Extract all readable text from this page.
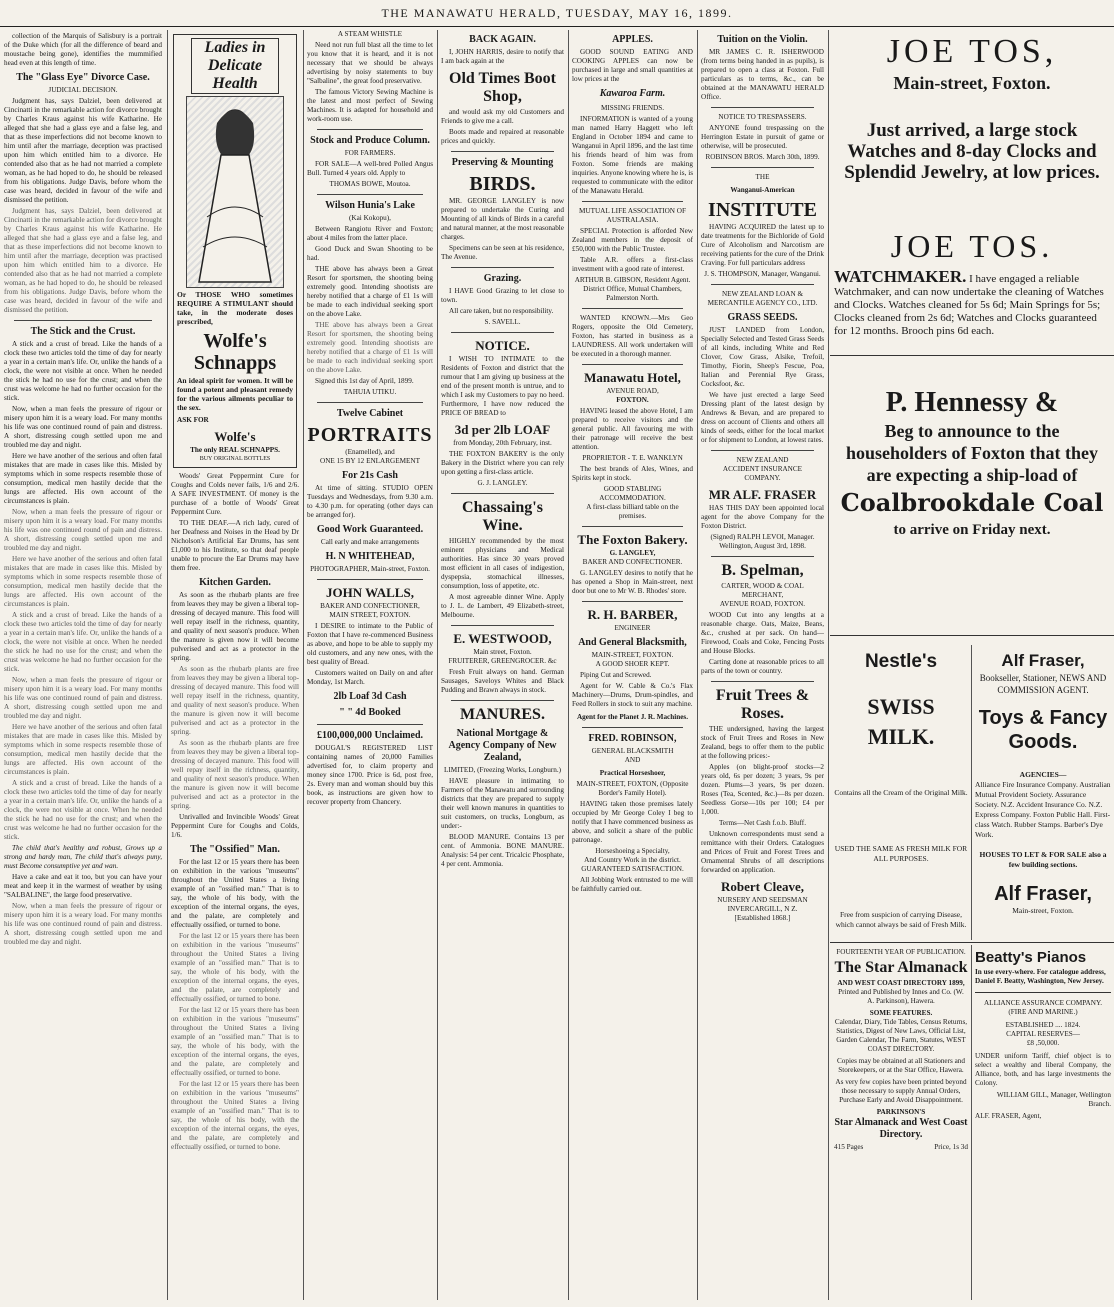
THE MANAWATU HERALD, TUESDAY, MAY 16, 1899.

collection of the Marquis of Salisbury is a portrait of the Duke which (for all the difference of beard and moustache being gone), identifies the mummified head even at this length of time.

The "Glass Eye" Divorce Case.
JUDICIAL DECISION.

Judgment has, says Dalziel, been delivered at Cincinatti in the remarkable action for divorce brought by Charles Kraus against his wife Katharine. He alleged that she had a glass eye and a false leg, and that as these imperfections did not become known to him until after the marriage, deception was practised upon him which entitled him to a divorce. He contended also that as he had not married a complete woman, as he had hoped to do, he should be released from his obligations. Judge Davis, before whom the case was heard, decided in favour of the wife and dismissed the petition.

Judgment has, says Dalziel, been delivered at Cincinatti in the remarkable action for divorce brought by Charles Kraus against his wife Katharine. He alleged that she had a glass eye and a false leg, and that as these imperfections did not become known to him until after the marriage, deception was practised upon him which entitled him to a divorce. He contended also that as he had not married a complete woman, as he had hoped to do, he should be released from his obligations. Judge Davis, before whom the case was heard, decided in favour of the wife and dismissed the petition.

The Stick and the Crust.

A stick and a crust of bread. Like the hands of a clock these two articles told the time of day for nearly a year in a certain man's life. Or, unlike the hands of a clock, the were not visible at once. When he needed the stick he had no use for the crust; and when the crust was welcome he had no further occasion for the stick.

Now, when a man feels the pressure of rigour or misery upon him it is a weary load. For many months his life was one continued round of pain and distress. A short, distressing cough settled upon me and troubled me day and night.

Here we have another of the serious and often fatal mistakes that are made in cases like this. Misled by symptoms which in some respects resemble those of consumption, medical men hastily decide that the lungs are affected. His own account of the circumstances is plain.

Now, when a man feels the pressure of rigour or misery upon him it is a weary load. For many months his life was one continued round of pain and distress. A short, distressing cough settled upon me and troubled me day and night.

Here we have another of the serious and often fatal mistakes that are made in cases like this. Misled by symptoms which in some respects resemble those of consumption, medical men hastily decide that the lungs are affected. His own account of the circumstances is plain.

A stick and a crust of bread. Like the hands of a clock these two articles told the time of day for nearly a year in a certain man's life. Or, unlike the hands of a clock, the were not visible at once. When he needed the stick he had no use for the crust; and when the crust was welcome he had no further occasion for the stick.

Now, when a man feels the pressure of rigour or misery upon him it is a weary load. For many months his life was one continued round of pain and distress. A short, distressing cough settled upon me and troubled me day and night.

Here we have another of the serious and often fatal mistakes that are made in cases like this. Misled by symptoms which in some respects resemble those of consumption, medical men hastily decide that the lungs are affected. His own account of the circumstances is plain.

A stick and a crust of bread. Like the hands of a clock these two articles told the time of day for nearly a year in a certain man's life. Or, unlike the hands of a clock, the were not visible at once. When he needed the stick he had no use for the crust; and when the crust was welcome he had no further occasion for the stick.

The child that's healthy and robust, Grows up a strong and hardy man, The child that's always puny, must Become consumptive yet and wan.

Have a cake and eat it too, but you can have your meat and keep it in the warmest of weather by using "SALBALINE", the large food preservative.

Now, when a man feels the pressure of rigour or misery upon him it is a weary load. For many months his life was one continued round of pain and distress. A short, distressing cough settled upon me and troubled me day and night.

Ladies in
Delicate Health
Or THOSE WHO sometimes REQUIRE A STIMULANT should take, in the moderate doses prescribed,
Wolfe's Schnapps
An ideal spirit for women. It will be found a potent and pleasant remedy for the various ailments peculiar to the sex.
ASK FOR
Wolfe's
The only REAL SCHNAPPS.
BUY ORIGINAL BOTTLES

Woods' Great Peppermint Cure for Coughs and Colds never fails, 1/6 and 2/6. A SAFE INVESTMENT. Of money is the purchase of a bottle of Woods' Great Peppermint Cure.

TO THE DEAF.—A rich lady, cured of her Deafness and Noises in the Head by Dr Nicholson's Artificial Ear Drums, has sent £1,000 to his Institute, so that deaf people unable to procure the Ear Drums may have them free.

Kitchen Garden.

As soon as the rhubarb plants are free from leaves they may be given a liberal top-dressing of decayed manure. This food will well repay itself in the richness, quantity, and quality of next season's produce. When the manure is given now it will become pulverised and act as a protector in the spring.

As soon as the rhubarb plants are free from leaves they may be given a liberal top-dressing of decayed manure. This food will well repay itself in the richness, quantity, and quality of next season's produce. When the manure is given now it will become pulverised and act as a protector in the spring.

As soon as the rhubarb plants are free from leaves they may be given a liberal top-dressing of decayed manure. This food will well repay itself in the richness, quantity, and quality of next season's produce. When the manure is given now it will become pulverised and act as a protector in the spring.

Unrivalled and Invincible Woods' Great Peppermint Cure for Coughs and Colds, 1/6.

The "Ossified" Man.

For the last 12 or 15 years there has been on exhibition in the various "museums" throughout the United States a living example of an "ossified man." That is to say, the whole of his body, with the exception of the internal organs, the eyes, and the palate, are completely and effectually ossified, or turned to bone.

For the last 12 or 15 years there has been on exhibition in the various "museums" throughout the United States a living example of an "ossified man." That is to say, the whole of his body, with the exception of the internal organs, the eyes, and the palate, are completely and effectually ossified, or turned to bone.

For the last 12 or 15 years there has been on exhibition in the various "museums" throughout the United States a living example of an "ossified man." That is to say, the whole of his body, with the exception of the internal organs, the eyes, and the palate, are completely and effectually ossified, or turned to bone.

For the last 12 or 15 years there has been on exhibition in the various "museums" throughout the United States a living example of an "ossified man." That is to say, the whole of his body, with the exception of the internal organs, the eyes, and the palate, are completely and effectually ossified, or turned to bone.

A STEAM WHISTLE

Need not run full blast all the time to let you know that it is heard, and it is not necessary that we should be always advertising by noisy statements to buy "Salbaline", the great food preservative.

The famous Victory Sewing Machine is the latest and most perfect of Sewing Machines. It is adapted for household and work-room use.

Stock and Produce Column.
FOR FARMERS.

FOR SALE—A well-bred Polled Angus Bull. Turned 4 years old. Apply to

THOMAS BOWE, Moutoa.
Wilson Hunia's Lake
(Kai Kokopu),

Between Rangiotu River and Foxton; about 4 miles from the latter place.

Good Duck and Swan Shooting to be had.

THE above has always been a Great Resort for sportsmen, the shooting being extremely good. Intending shootists are hereby notified that a charge of £1 1s will be made to each individual seeking sport on the above Lake.

THE above has always been a Great Resort for sportsmen, the shooting being extremely good. Intending shootists are hereby notified that a charge of £1 1s will be made to each individual seeking sport on the above Lake.

Signed this 1st day of April, 1899.

TAHUIA UTIKU.
Twelve Cabinet
PORTRAITS
(Enamelled), and
ONE 15 BY 12 ENLARGEMENT
For 21s Cash

At time of sitting. STUDIO OPEN Tuesdays and Wednesdays, from 9.30 a.m. to 4.30 p.m. for operating (other days can be arranged for).

Good Work Guaranteed.
Call early and make arrangements
H. N WHITEHEAD,
PHOTOGRAPHER, Main-street, Foxton.
JOHN WALLS,
BAKER AND CONFECTIONER,
MAIN STREET, FOXTON.

I DESIRE to intimate to the Public of Foxton that I have re-commenced Business as above, and hope to be able to supply my old customers, and any new ones, with the best quality of Bread.

Customers waited on Daily on and after Monday, 1st March.

2lb Loaf 3d Cash
" " 4d Booked
£100,000,000 Unclaimed.

DOUGAL'S REGISTERED LIST containing names of 20,000 Families advertised for, to claim property and money since 1700. Price is 6d, post free, 2s. Every man and woman should buy this book, as instructions are given how to recover property from Chancery.

BACK AGAIN.

I, JOHN HARRIS, desire to notify that I am back again at the

Old Times Boot Shop,

and would ask my old Customers and Friends to give me a call.

Boots made and repaired at reasonable prices and quickly.

Preserving & Mounting
BIRDS.

MR. GEORGE LANGLEY is now prepared to undertake the Curing and Mounting of all kinds of Birds in a careful and natural manner, at the most reasonable charges.

Specimens can be seen at his residence, The Avenue.

Grazing.

I HAVE Good Grazing to let close to town.

All care taken, but no responsibility.

S. SAVELL.
NOTICE.

I WISH TO INTIMATE to the Residents of Foxton and district that the rumour that I am giving up business at the end of the present month is untrue, and to which I ask my Customers to pay no heed. Furthermore, I have now reduced the PRICE OF BREAD to

3d per 2lb LOAF
from Monday, 20th February, inst.

THE FOXTON BAKERY is the only Bakery in the District where you can rely upon getting a first-class article.

G. J. LANGLEY.
Chassaing's Wine.

HIGHLY recommended by the most eminent physicians and Medical authorities. Has since 30 years proved most efficient in all cases of indigestion, dyspepsia, stomachical illnesses, consumption, loss of appetite, etc.

A most agreeable dinner Wine. Apply to J. L. de Lambert, 49 Elizabeth-street, Melbourne.

E. WESTWOOD,
Main street, Foxton.
FRUITERER, GREENGROCER. &c

Fresh Fruit always on hand. German Sausages, Saveloys Whites and Black Pudding and Brawn always in stock.

MANURES.
National Mortgage & Agency Company of New Zealand,
LIMITED, (Freezing Works, Longburn.)

HAVE pleasure in intimating to Farmers of the Manawatu and surrounding districts that they are prepared to supply their well known manures in quantities to suit customers, on trucks, Longburn, as under:-

BLOOD MANURE. Contains 13 per cent. of Ammonia. BONE MANURE. Analysis: 54 per cent. Tricalcic Phosphate, 4 per cent. Ammonia.

APPLES.

GOOD SOUND EATING AND COOKING APPLES can now be purchased in large and small quantities at low prices at the

Kawaroa Farm.
MISSING FRIENDS.

INFORMATION is wanted of a young man named Harry Haggett who left England in October 1894 and came to Wanganui in April 1896, and the last time his friends heard of him was from Foxton. Some friends are making inquiries. Anyone knowing where he is, is requested to communicate with the editor of the Manawatu Herald.

MUTUAL LIFE ASSOCIATION OF AUSTRALASIA.

SPECIAL Protection is afforded New Zealand members in the deposit of £50,000 with the Public Trustee.

Table A.R. offers a first-class investment with a good rate of interest.

ARTHUR B. GIBSON, Resident Agent. District Office, Mutual Chambers, Palmerston North.

WANTED KNOWN.—Mrs Geo Rogers, opposite the Old Cemetery, Foxton, has started in business as a LAUNDRESS. All work undertaken will be executed in a thorough manner.

Manawatu Hotel,
AVENUE ROAD,
FOXTON.

HAVING leased the above Hotel, I am prepared to receive visitors and the general public. All favouring me with their patronage will receive the best attention.

PROPRIETOR - T. E. WANKLYN

The best brands of Ales, Wines, and Spirits kept in stock.

GOOD STABLING ACCOMMODATION.
A first-class billiard table on the premises.
The Foxton Bakery.
G. LANGLEY,
BAKER AND CONFECTIONER.

G. LANGLEY desires to notify that he has opened a Shop in Main-street, next door but one to Mr W. B. Rhodes' store.

R. H. BARBER,
ENGINEER
And General Blacksmith,
MAIN-STREET, FOXTON.
A GOOD SHOER KEPT.

Piping Cut and Screwed.

Agent for W. Cable & Co.'s Flax Machinery—Drums, Drum-spindles, and Feed Rollers in stock to suit any machine.

Agent for the Planet J. R. Machines.
FRED. ROBINSON,
GENERAL BLACKSMITH
AND
Practical Horseshoer,
MAIN-STREET, FOXTON, (Opposite Border's Family Hotel).

HAVING taken those premises lately occupied by Mr George Coley I beg to notify that I have commenced business as above, and solicit a share of the public patronage.

Horseshoeing a Specialty,
And Country Work in the district.
GUARANTEED SATISFACTION.

All Jobbing Work entrusted to me will be faithfully carried out.

Tuition on the Violin.

MR JAMES C. R. ISHERWOOD (from terms being handed in as pupils), is prepared to open a class at Foxton. Full particulars as to terms, &c., can be obtained at the MANAWATU HERALD Office.

NOTICE TO TRESPASSERS.

ANYONE found trespassing on the Herrington Estate in pursuit of game or otherwise, will be prosecuted.

ROBINSON BROS. March 30th, 1899.
THE
Wanganui-American
INSTITUTE

HAVING ACQUIRED the latest up to date treatments for the Bichloride of Gold Cure of Alcoholism and Narcotism are receiving patients for the cure of the Drink Craving. For full particulars address

J. S. THOMPSON, Manager, Wanganui.
NEW ZEALAND LOAN & MERCANTILE AGENCY CO., LTD.
GRASS SEEDS.

JUST LANDED from London, Specially Selected and Tested Grass Seeds of all kinds, including White and Red Clover, Cow Grass, Alsike, Trefoil, Timothy, Fiorin, Sheep's Fescue, Poa, Italian and Perennial Rye Grass, Cocksfoot, &c.

We have just erected a large Seed Dressing plant of the latest design by Andrews & Bevan, and are prepared to dress on account of Clients and others all kinds of seeds, either for the local market or for shipment to London, at lowest rates.

NEW ZEALAND
ACCIDENT INSURANCE
COMPANY.
MR ALF. FRASER

HAS THIS DAY been appointed local agent for the above Company for the Foxton District.

(Signed) RALPH LEVOI, Manager. Wellington, August 3rd, 1898.
B. Spelman,
CARTER, WOOD & COAL MERCHANT,
AVENUE ROAD, FOXTON.

WOOD Cut into any lengths at a reasonable charge. Oats, Maize, Beans, &c., crushed at per sack. On hand—Firewood, Coals and Coke, Fencing Posts and House Blocks.

Carting done at reasonable prices to all parts of the town or country.

Fruit Trees & Roses.

THE undersigned, having the largest stock of Fruit Trees and Roses in New Zealand, begs to offer them to the public at the following prices:-

Apples (on blight-proof stocks—2 years old, 6s per dozen; 3 years, 9s per dozen. Plums—3 years, 9s per dozen. Roses (Tea, Scented, &c.)—8s per dozen. Seedless Gorse—10s per 100; £4 per 1,000.

Terms—Net Cash f.o.b. Bluff.

Unknown correspondents must send a remittance with their Orders. Catalogues and Prices of Fruit and Forest Trees and Ornamental Shrubs of all descriptions forwarded on application.

Robert Cleave,
NURSERY AND SEEDSMAN
INVERCARGILL, N Z.
[Established 1868.]
JOE TOS,
Main-street, Foxton.
Just arrived, a large stock Watches and 8-day Clocks and Splendid Jewelry, at low prices.
JOE TOS.
WATCHMAKER. I have engaged a reliable Watchmaker, and can now undertake the cleaning of Watches and Clocks. Watches cleaned for 5s 6d; Main Springs for 5s; Clocks cleaned from 2s 6d; Watches and Clocks guaranteed for 12 months. Brooch pins 6d each.
P. Hennessy &
Beg to announce to the householders of Foxton that they are expecting a ship-load of
Coalbrookdale Coal
to arrive on Friday next.
Nestle's
SWISS MILK.
Contains all the Cream of the Original Milk.
USED THE SAME AS FRESH MILK FOR ALL PURPOSES.
Free from suspicion of carrying Disease, which cannot always be said of Fresh Milk.
Alf Fraser,
Bookseller, Stationer, NEWS AND COMMISSION AGENT.
Toys & Fancy Goods.
AGENCIES—
Alliance Fire Insurance Company. Australian Mutual Provident Society. Assurance Society. N.Z. Accident Insurance Co. N.Z. Express Company. Foxton Public Hall. First-class Watch. Rubber Stamps. Barber's Dye Work.
HOUSES TO LET & FOR SALE also a few building sections.
Alf Fraser,
Main-street, Foxton.
FOURTEENTH YEAR OF PUBLICATION.
The Star Almanack
AND WEST COAST DIRECTORY 1899,
Printed and Published by Innes and Co. (W. A. Parkinson), Hawera.
SOME FEATURES.
Calendar, Diary, Tide Tables, Census Returns, Statistics, Digest of New Laws, Official List, Garden Calendar, The Farm, Statutes, WEST COAST DIRECTORY.
Copies may be obtained at all Stationers and Storekeepers, or at the Star Office, Hawera.
As very few copies have been printed beyond those necessary to supply Annual Orders, Purchase Early and Avoid Disappointment.
PARKINSON'S
Star Almanack and West Coast Directory.
415 Pages	Price, 1s 3d
Beatty's Pianos
In use every-where. For catalogue address, Daniel F. Beatty, Washington, New Jersey.
ALLIANCE ASSURANCE COMPANY.
(FIRE AND MARINE.)
ESTABLISHED .... 1824.
CAPITAL RESERVES—
£8 ,50,000.
UNDER uniform Tariff, chief object is to select a wealthy and liberal Company, the Alliance, both, and has large investments the Colony.
WILLIAM GILL, Manager, Wellington Branch.
ALF. FRASER, Agent,
